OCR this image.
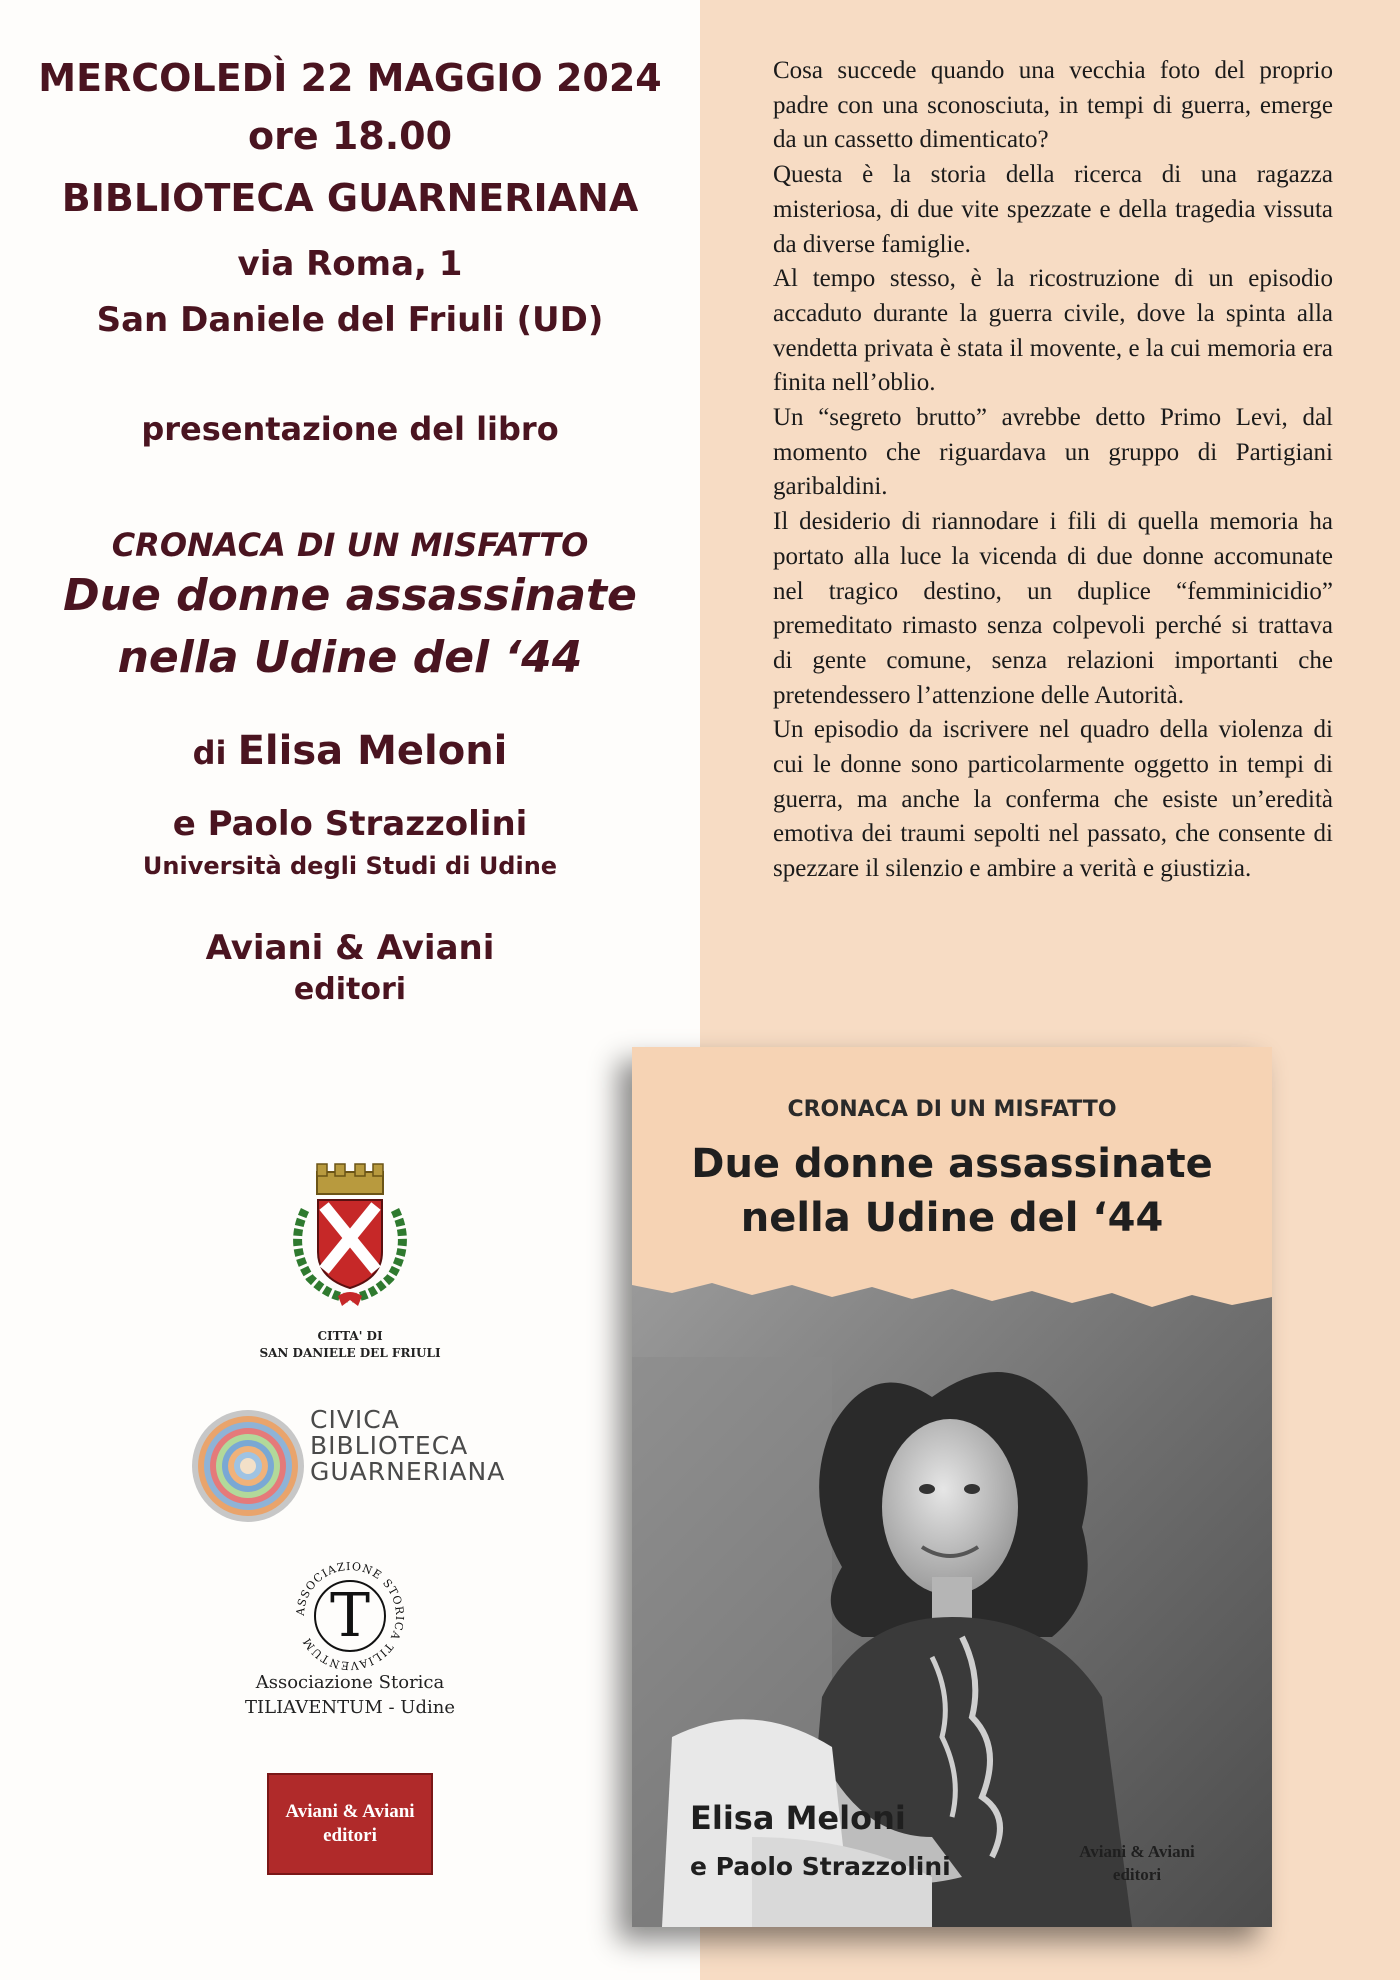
MERCOLEDÌ 22 MAGGIO 2024
ore 18.00
BIBLIOTECA GUARNERIANA
via Roma, 1
San Daniele del Friuli (UD)
presentazione del libro
CRONACA DI UN MISFATTO
Due donne assassinate
nella Udine del ‘44
di Elisa Meloni
e Paolo Strazzolini
Università degli Studi di Udine
Aviani & Aviani
editori

Cosa succede quando una vecchia foto del proprio padre con una sconosciuta, in tempi di guerra, emerge da un cassetto dimenticato?

Questa è la storia della ricerca di una ragazza misteriosa, di due vite spezzate e della tragedia vissuta da diverse famiglie.

Al tempo stesso, è la ricostruzione di un episodio accaduto durante la guerra civile, dove la spinta alla vendetta privata è stata il movente, e la cui memoria era finita nell’oblio.

Un “segreto brutto” avrebbe detto Primo Levi, dal momento che riguardava un gruppo di Partigiani garibaldini.

Il desiderio di riannodare i fili di quella memoria ha portato alla luce la vicenda di due donne accomunate nel tragico destino, un duplice “femminicidio” premeditato rimasto senza colpevoli perché si trattava di gente comune, senza relazioni importanti che pretendessero l’attenzione delle Autorità.

Un episodio da iscrivere nel quadro della violenza di cui le donne sono particolarmente oggetto in tempi di guerra, ma anche la conferma che esiste un’eredità emotiva dei traumi sepolti nel passato, che consente di spezzare il silenzio e ambire a verità e giustizia.

CITTA' DI
SAN DANIELE DEL FRIULI
CIVICA
BIBLIOTECA
GUARNERIANA
ASSOCIAZIONE STORICA TILIAVENTUM T
Associazione Storica
TILIAVENTUM - Udine
Aviani & Aviani
editori
CRONACA DI UN MISFATTO
Due donne assassinate
nella Udine del ‘44
Elisa Meloni
e Paolo Strazzolini
Aviani & Aviani
editori
